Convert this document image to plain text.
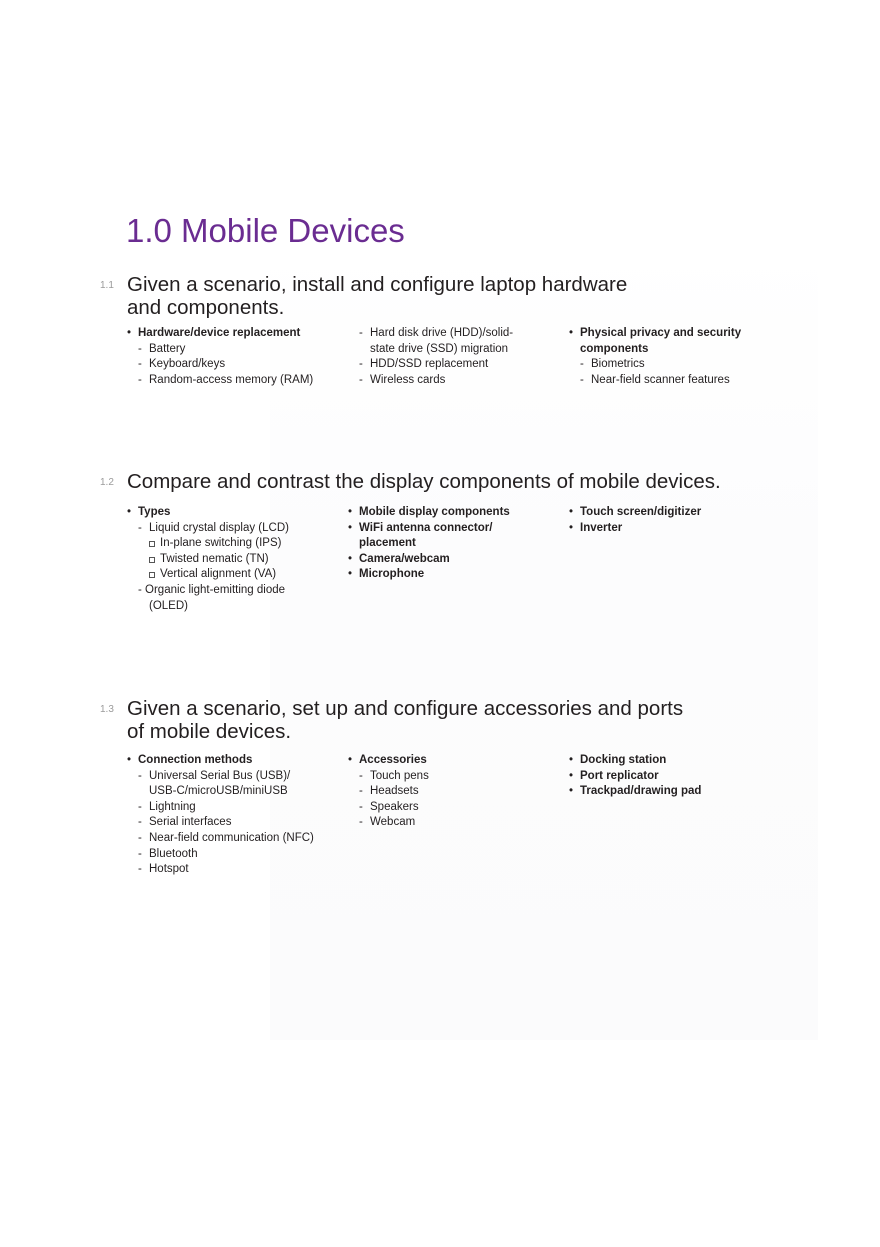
1.0 Mobile Devices
1.1 Given a scenario, install and configure laptop hardware
and components.
• Hardware/device replacement
- Battery
- Keyboard/keys
- Random-access memory (RAM)
- Hard disk drive (HDD)/solid-
state drive (SSD) migration
- HDD/SSD replacement
- Wireless cards
• Physical privacy and security
components
- Biometrics
- Near-field scanner features
1.2 Compare and contrast the display components of mobile devices.
• Types
- Liquid crystal display (LCD)
In-plane switching (IPS)
Twisted nematic (TN)
Vertical alignment (VA)
- Organic light-emitting diode
(OLED)
• Mobile display components
• WiFi antenna connector/
placement
• Camera/webcam
• Microphone
• Touch screen/digitizer
• Inverter
1.3 Given a scenario, set up and configure accessories and ports
of mobile devices.
• Connection methods
- Universal Serial Bus (USB)/
USB-C/microUSB/miniUSB
- Lightning
- Serial interfaces
- Near-field communication (NFC)
- Bluetooth
- Hotspot
• Accessories
- Touch pens
- Headsets
- Speakers
- Webcam
• Docking station
• Port replicator
• Trackpad/drawing pad
